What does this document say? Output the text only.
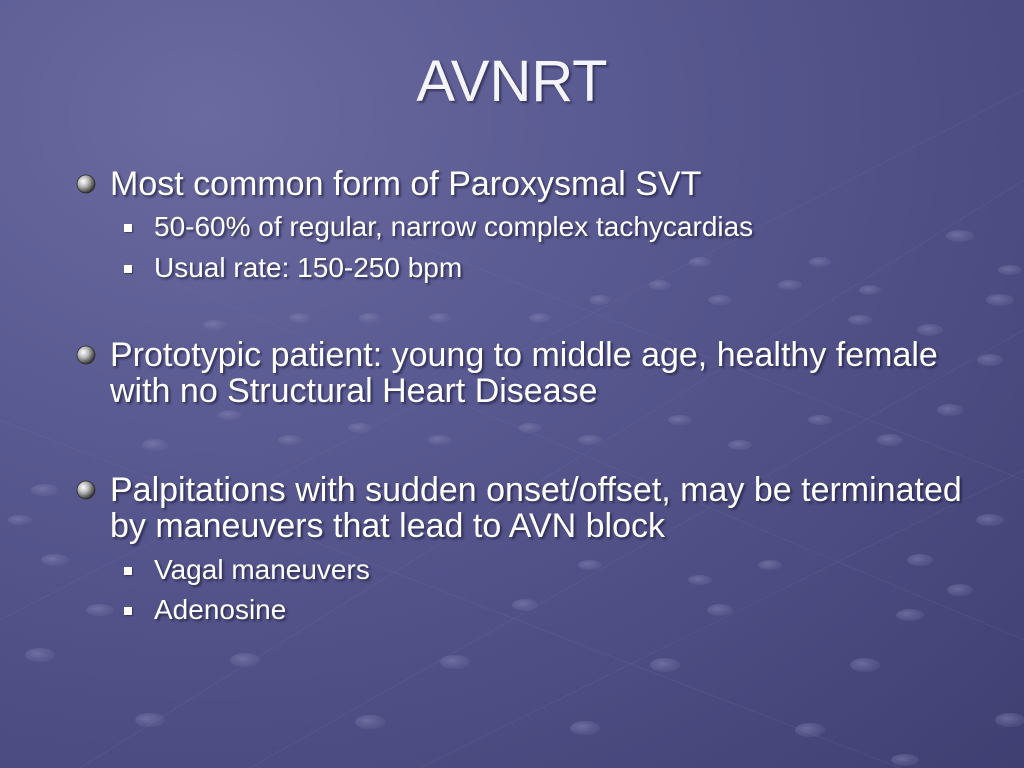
AVNRT
Most common form of Paroxysmal SVT
50-60% of regular, narrow complex tachycardias
Usual rate: 150-250 bpm
Prototypic patient: young to middle age, healthy female with no Structural Heart Disease
Palpitations with sudden onset/offset, may be terminated by maneuvers that lead to AVN block
Vagal maneuvers
Adenosine
